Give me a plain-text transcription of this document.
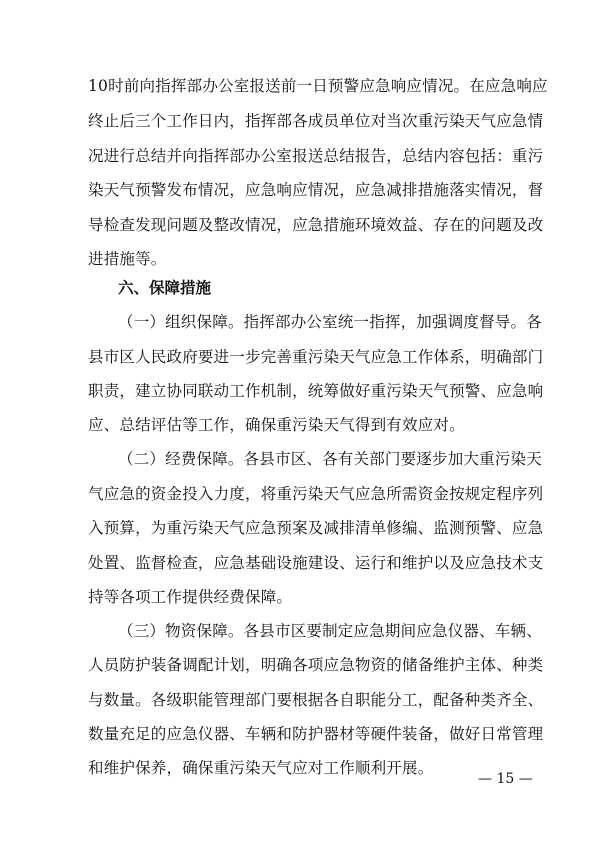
10时前向指挥部办公室报送前一日预警应急响应情况。在应急响应
终止后三个工作日内，指挥部各成员单位对当次重污染天气应急情
况进行总结并向指挥部办公室报送总结报告，总结内容包括：重污
染天气预警发布情况，应急响应情况，应急减排措施落实情况，督
导检查发现问题及整改情况，应急措施环境效益、存在的问题及改
进措施等。
六、保障措施
（一）组织保障。指挥部办公室统一指挥，加强调度督导。各
县市区人民政府要进一步完善重污染天气应急工作体系，明确部门
职责，建立协同联动工作机制，统筹做好重污染天气预警、应急响
应、总结评估等工作，确保重污染天气得到有效应对。
（二）经费保障。各县市区、各有关部门要逐步加大重污染天
气应急的资金投入力度，将重污染天气应急所需资金按规定程序列
入预算，为重污染天气应急预案及减排清单修编、监测预警、应急
处置、监督检查，应急基础设施建设、运行和维护以及应急技术支
持等各项工作提供经费保障。
（三）物资保障。各县市区要制定应急期间应急仪器、车辆、
人员防护装备调配计划，明确各项应急物资的储备维护主体、种类
与数量。各级职能管理部门要根据各自职能分工，配备种类齐全、
数量充足的应急仪器、车辆和防护器材等硬件装备，做好日常管理
和维护保养，确保重污染天气应对工作顺利开展。
— 15 —
